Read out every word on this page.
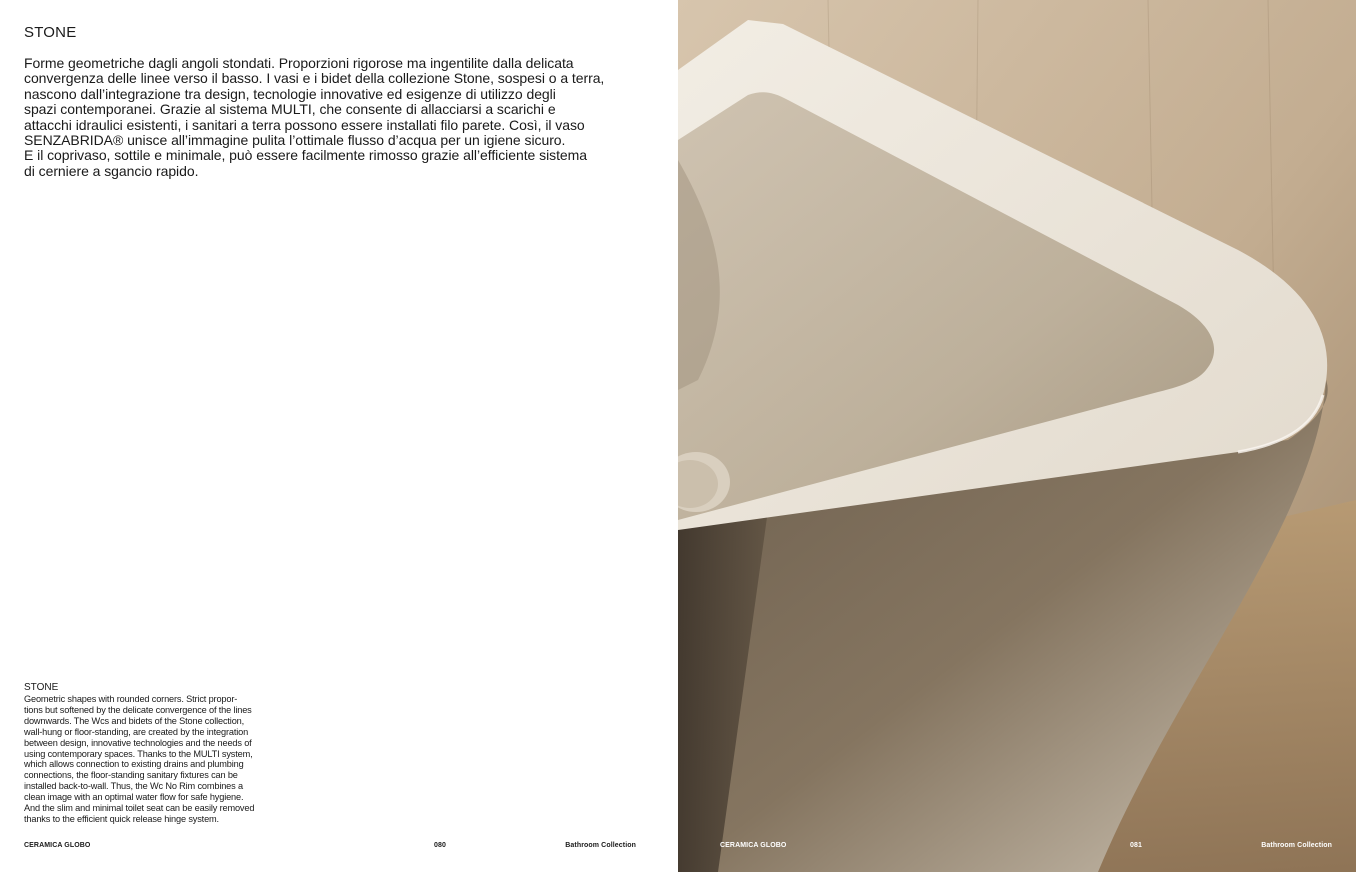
STONE

Forme geometriche dagli angoli stondati. Proporzioni rigorose ma ingentilite dalla delicata

convergenza delle linee verso il basso. I vasi e i bidet della collezione Stone, sospesi o a terra,

nascono dall’integrazione tra design, tecnologie innovative ed esigenze di utilizzo degli

spazi contemporanei. Grazie al sistema MULTI, che consente di allacciarsi a scarichi e

attacchi idraulici esistenti, i sanitari a terra possono essere installati filo parete. Così, il vaso

SENZABRIDA® unisce all’immagine pulita l’ottimale flusso d’acqua per un igiene sicuro.

E il coprivaso, sottile e minimale, può essere facilmente rimosso grazie all’efficiente sistema

di cerniere a sgancio rapido.

STONE
Geometric shapes with rounded corners. Strict propor-
tions but softened by the delicate convergence of the lines
downwards. The Wcs and bidets of the Stone collection,
wall-hung or floor-standing, are created by the integration
between design, innovative technologies and the needs of
using contemporary spaces. Thanks to the MULTI system,
which allows connection to existing drains and plumbing
connections, the floor-standing sanitary fixtures can be
installed back-to-wall. Thus, the Wc No Rim combines a
clean image with an optimal water flow for safe hygiene.
And the slim and minimal toilet seat can be easily removed
thanks to the efficient quick release hinge system.
CERAMICA GLOBO	080	Bathroom Collection	CERAMICA GLOBO	081	Bathroom Collection
